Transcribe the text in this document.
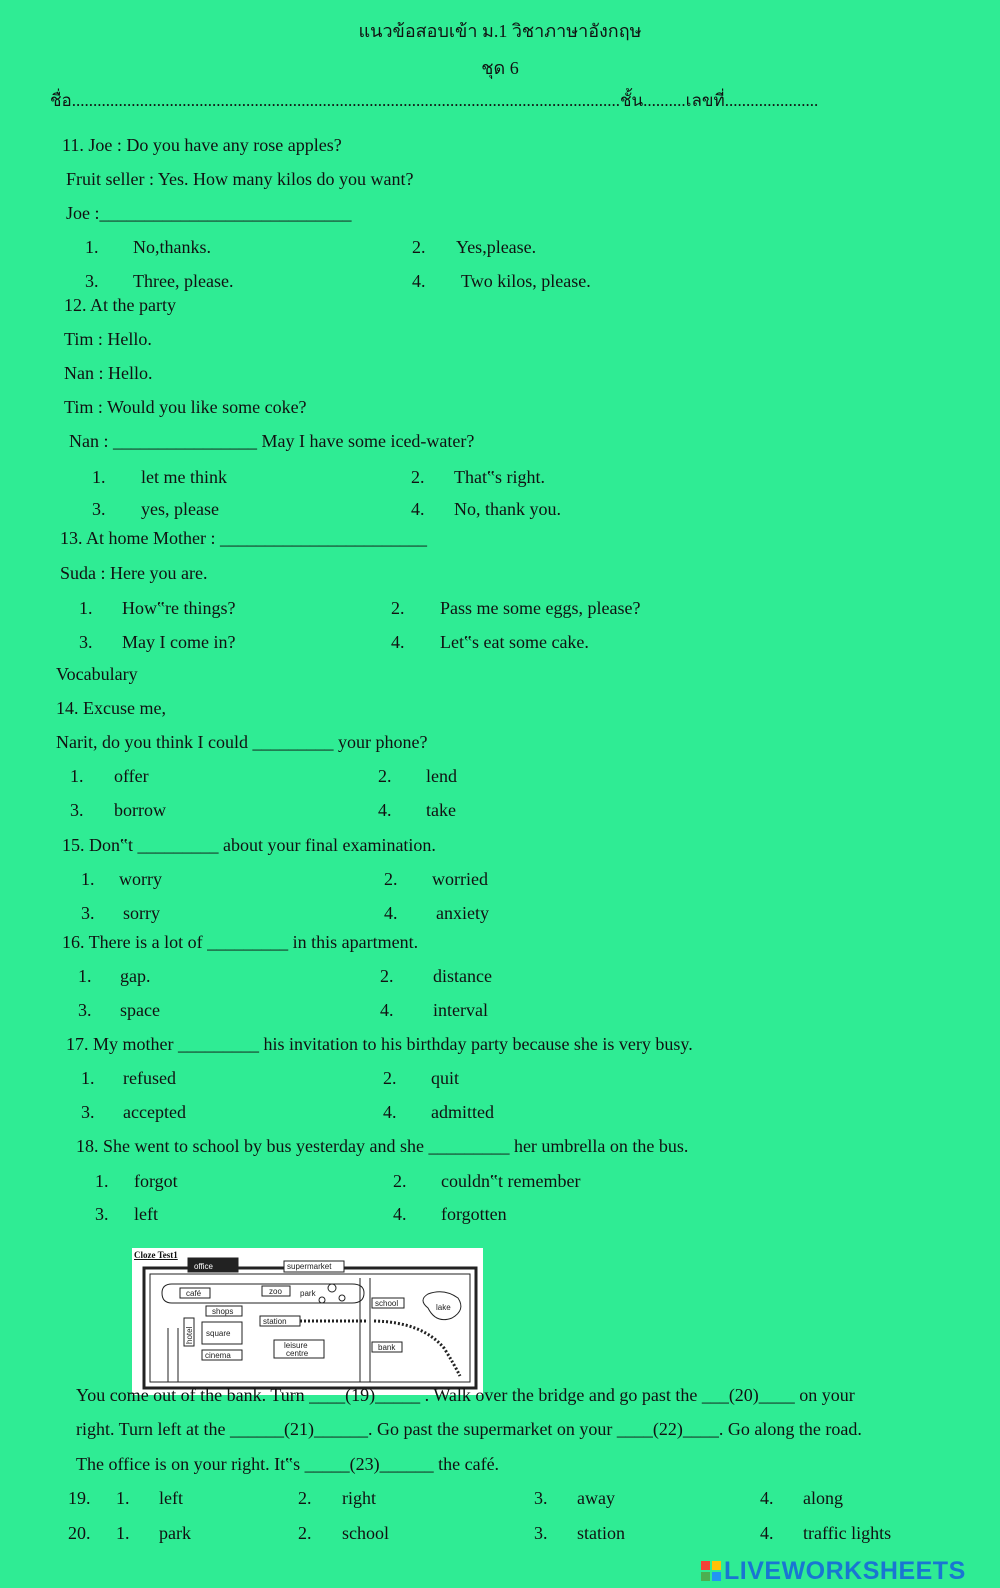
แนวข้อสอบเข้า ม.1 วิชาภาษาอังกฤษ
ชุด 6
ชื่อ.................................................................................................................................ชั้น..........เลขที่......................
11. Joe : Do you have any rose apples?
Fruit seller : Yes. How many kilos do you want?
Joe :____________________________
1. No,thanks.	2. Yes,please.
3. Three, please.	4. Two kilos, please.
12. At the party
Tim : Hello.
Nan : Hello.
Tim : Would you like some coke?
Nan : ________________ May I have some iced-water?
1. let me think	2. That‟s right.
3. yes, please	4. No, thank you.
13. At home Mother : _______________________
Suda : Here you are.
1. How‟re things?	2. Pass me some eggs, please?
3. May I come in?	4. Let‟s eat some cake.
Vocabulary
14. Excuse me,
Narit, do you think I could _________ your phone?
1. offer	2. lend
3. borrow	4. take
15. Don‟t _________ about your final examination.
1. worry	2. worried
3. sorry	4. anxiety
16. There is a lot of _________ in this apartment.
1. gap.	2. distance
3. space	4. interval
17. My mother _________ his invitation to his birthday party because she is very busy.
1. refused	2. quit
3. accepted	4. admitted
18. She went to school by bus yesterday and she _________ her umbrella on the bus.
1. forgot	2. couldn‟t remember
3. left	4. forgotten
Cloze Test1
office	supermarket
café	zoo park
school	lake
shops
station
hotel square
leisure
centre
bank
cinema
You come out of the bank. Turn ____(19)_____ . Walk over the bridge and go past the ___(20)____ on your
right. Turn left at the ______(21)______. Go past the supermarket on your ____(22)____. Go along the road.
The office is on your right. It‟s _____(23)______ the café.
19. 1. left	2. right	3. away	4. along
20. 1. park	2. school	3. station	4. traffic lights
LIVEWORKSHEETS
